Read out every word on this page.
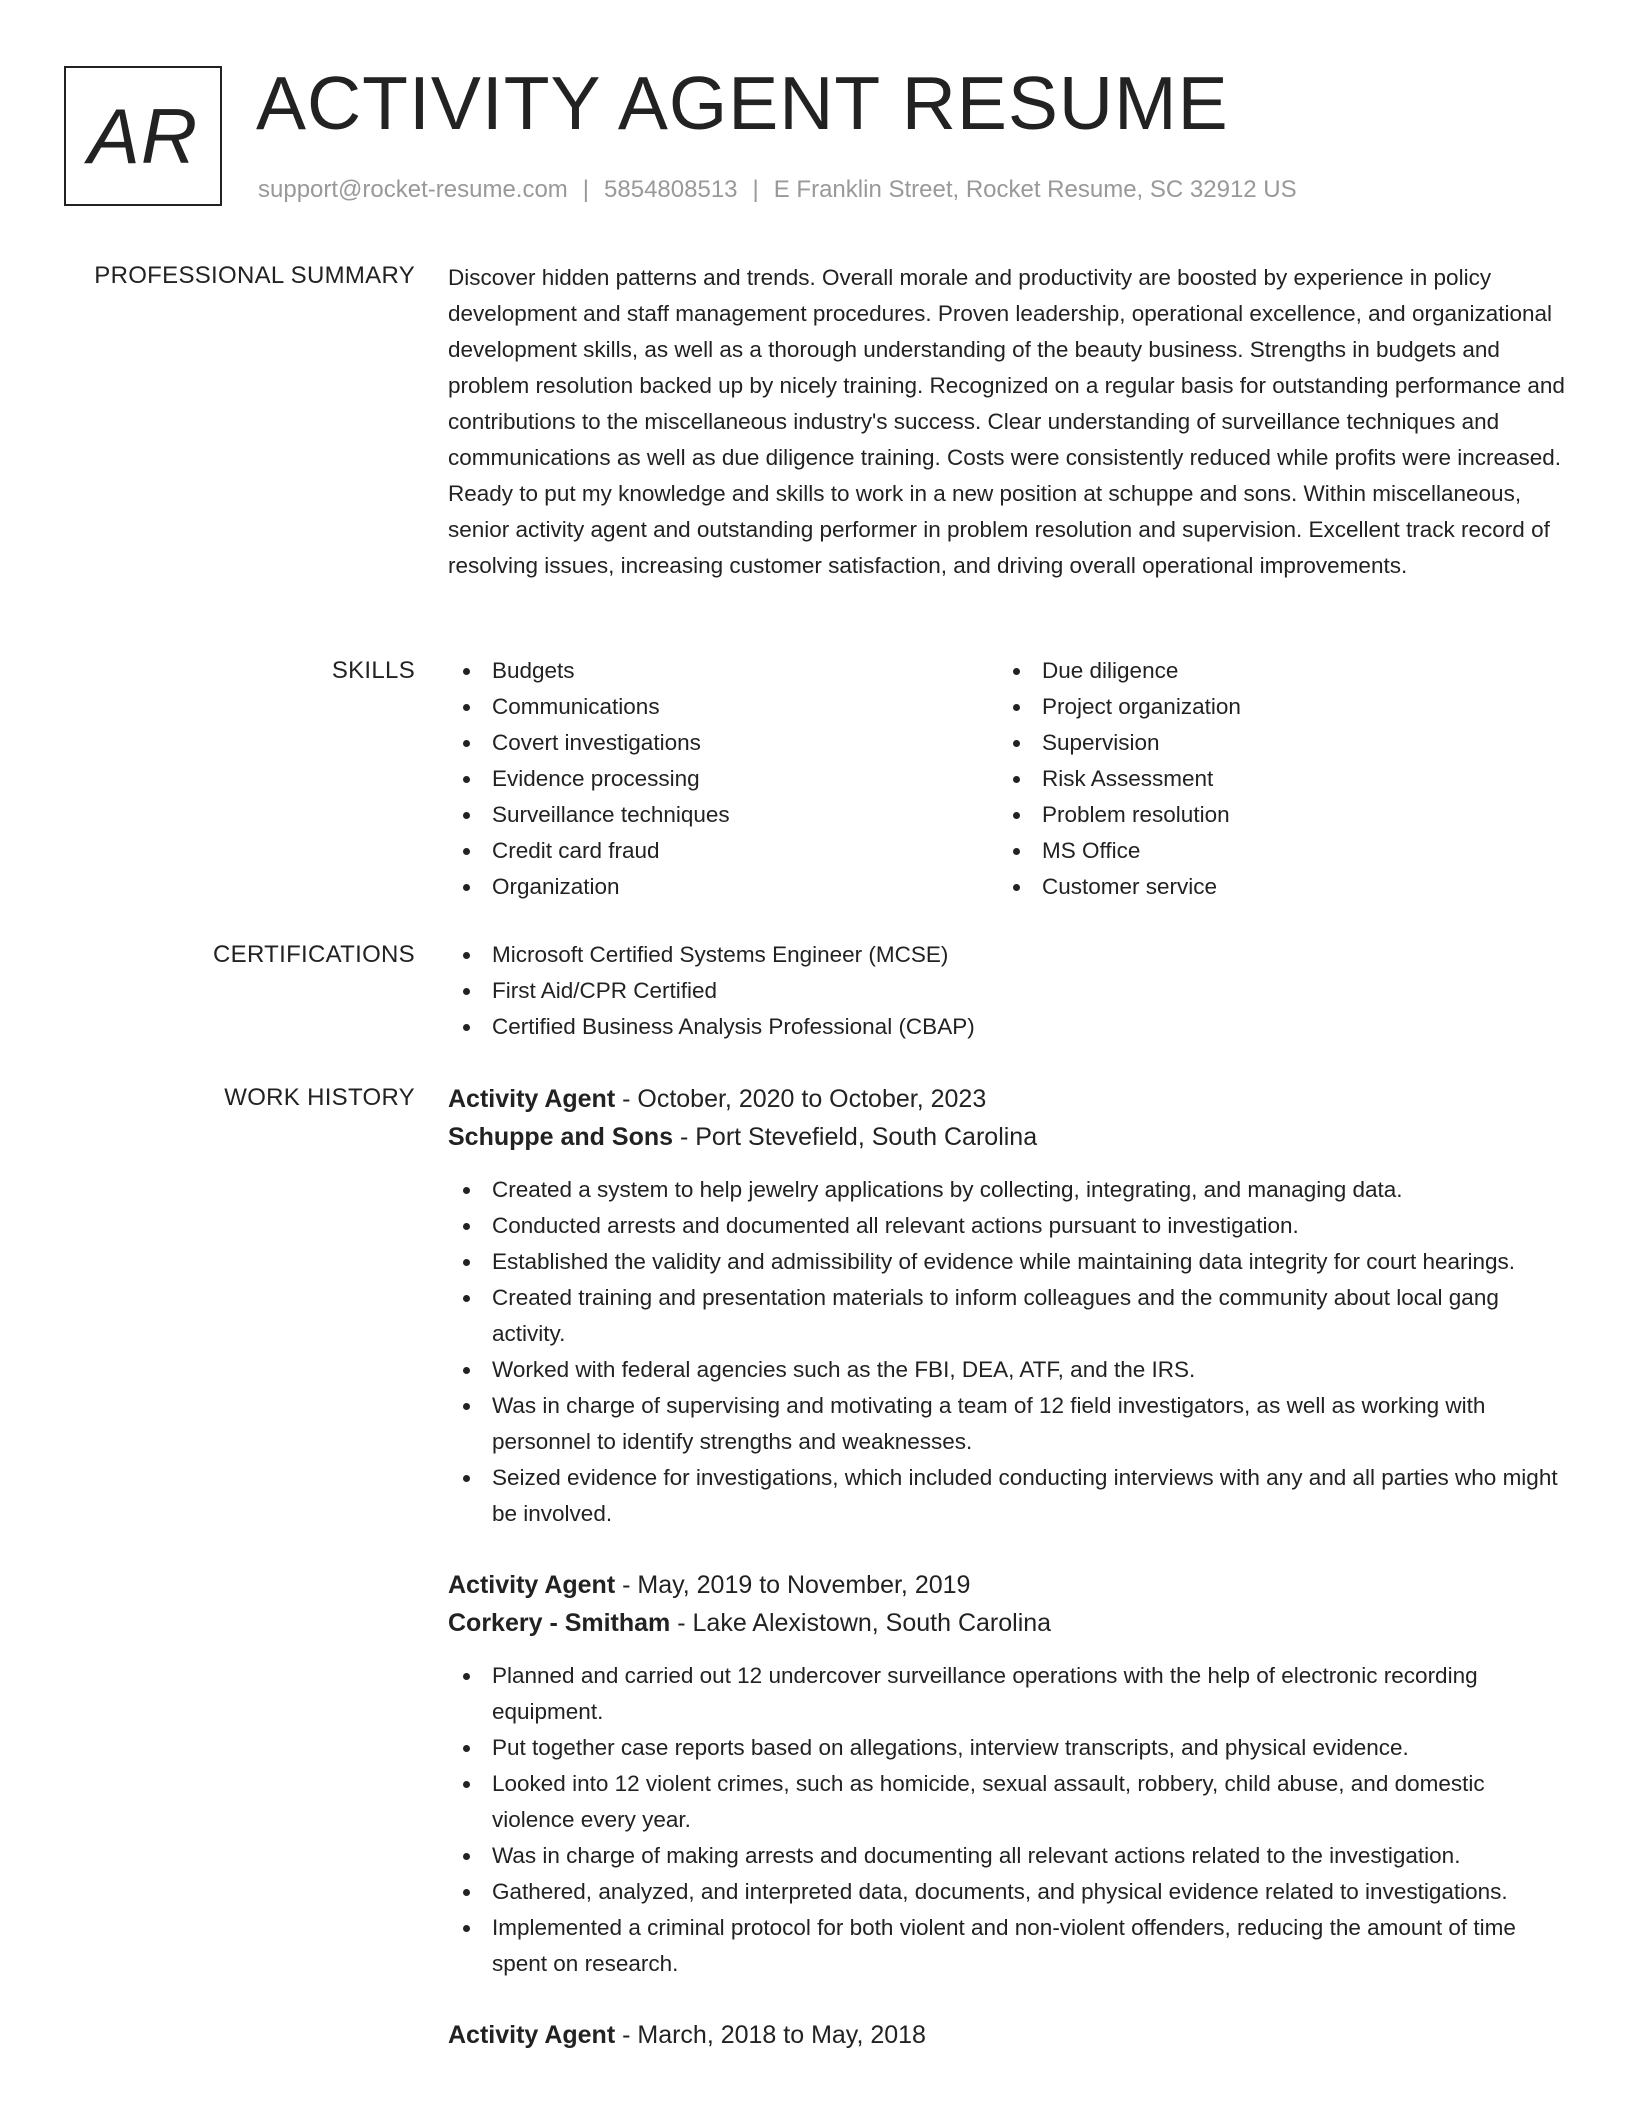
AR ACTIVITY AGENT RESUME
support@rocket-resume.com | 5854808513 | E Franklin Street, Rocket Resume, SC 32912 US
PROFESSIONAL SUMMARY Discover hidden patterns and trends. Overall morale and productivity are boosted by experience in policy development and staff management procedures. Proven leadership, operational excellence, and organizational development skills, as well as a thorough understanding of the beauty business. Strengths in budgets and problem resolution backed up by nicely training. Recognized on a regular basis for outstanding performance and contributions to the miscellaneous industry's success. Clear understanding of surveillance techniques and communications as well as due diligence training. Costs were consistently reduced while profits were increased. Ready to put my knowledge and skills to work in a new position at schuppe and sons. Within miscellaneous, senior activity agent and outstanding performer in problem resolution and supervision. Excellent track record of resolving issues, increasing customer satisfaction, and driving overall operational improvements.

SKILLS	Budgets
Communications
Covert investigations
Evidence processing
Surveillance techniques
Credit card fraud
Organization
Due diligence
Project organization
Supervision
Risk Assessment
Problem resolution
MS Office
Customer service
CERTIFICATIONS	Microsoft Certified Systems Engineer (MCSE)
First Aid/CPR Certified
Certified Business Analysis Professional (CBAP)
WORK HISTORY Activity Agent - October, 2020 to October, 2023
Schuppe and Sons - Port Stevefield, South Carolina
Created a system to help jewelry applications by collecting, integrating, and managing data.
Conducted arrests and documented all relevant actions pursuant to investigation.
Established the validity and admissibility of evidence while maintaining data integrity for court hearings.
Created training and presentation materials to inform colleagues and the community about local gang activity.
Worked with federal agencies such as the FBI, DEA, ATF, and the IRS.
Was in charge of supervising and motivating a team of 12 field investigators, as well as working with personnel to identify strengths and weaknesses.
Seized evidence for investigations, which included conducting interviews with any and all parties who might be involved.
Activity Agent - May, 2019 to November, 2019
Corkery - Smitham - Lake Alexistown, South Carolina
Planned and carried out 12 undercover surveillance operations with the help of electronic recording equipment.
Put together case reports based on allegations, interview transcripts, and physical evidence.
Looked into 12 violent crimes, such as homicide, sexual assault, robbery, child abuse, and domestic violence every year.
Was in charge of making arrests and documenting all relevant actions related to the investigation.
Gathered, analyzed, and interpreted data, documents, and physical evidence related to investigations.
Implemented a criminal protocol for both violent and non-violent offenders, reducing the amount of time spent on research.
Activity Agent - March, 2018 to May, 2018
